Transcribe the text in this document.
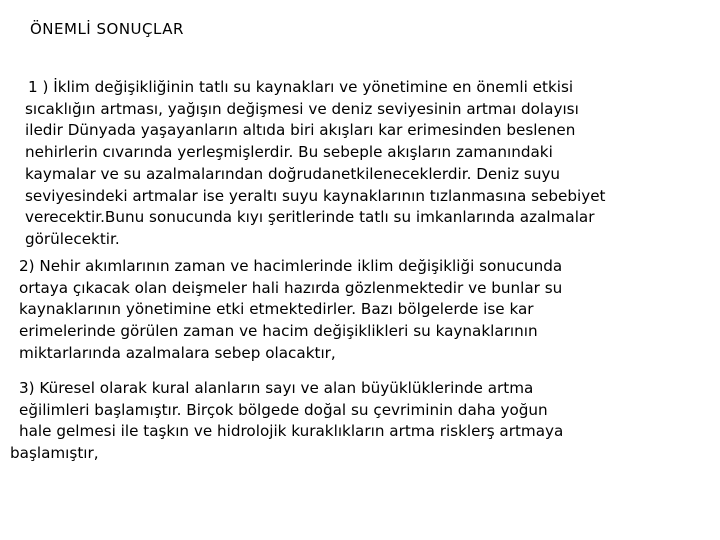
ÖNEMLİ SONUÇLAR
1 ) İklim değişikliğinin tatlı su kaynakları ve yönetimine en önemli etkisi
sıcaklığın artması, yağışın değişmesi ve deniz seviyesinin artmaı dolayısı
iledir Dünyada yaşayanların altıda biri akışları kar erimesinden beslenen
nehirlerin cıvarında yerleşmişlerdir. Bu sebeple akışların zamanındaki
kaymalar ve su azalmalarından doğrudanetkileneceklerdir. Deniz suyu
seviyesindeki artmalar ise yeraltı suyu kaynaklarının tızlanmasına sebebiyet
verecektir.Bunu sonucunda kıyı şeritlerinde tatlı su imkanlarında azalmalar
görülecektir.
2) Nehir akımlarının zaman ve hacimlerinde iklim değişikliği sonucunda
ortaya çıkacak olan deişmeler hali hazırda gözlenmektedir ve bunlar su
kaynaklarının yönetimine etki etmektedirler. Bazı bölgelerde ise kar
erimelerinde görülen zaman ve hacim değişiklikleri su kaynaklarının
miktarlarında azalmalara sebep olacaktır,
3) Küresel olarak kural alanların sayı ve alan büyüklüklerinde artma
eğilimleri başlamıştır. Birçok bölgede doğal su çevriminin daha yoğun
hale gelmesi ile taşkın ve hidrolojik kuraklıkların artma risklerş artmaya
başlamıştır,
